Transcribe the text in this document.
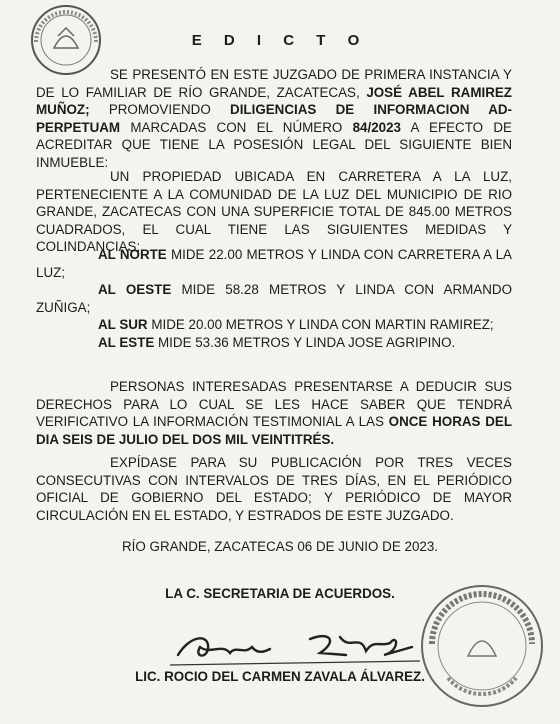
E D I C T O
SE PRESENTÓ EN ESTE JUZGADO DE PRIMERA INSTANCIA Y DE LO FAMILIAR DE RÍO GRANDE, ZACATECAS, JOSÉ ABEL RAMIREZ MUÑOZ; PROMOVIENDO DILIGENCIAS DE INFORMACION AD-PERPETUAM MARCADAS CON EL NÚMERO 84/2023 A EFECTO DE ACREDITAR QUE TIENE LA POSESIÓN LEGAL DEL SIGUIENTE BIEN INMUEBLE:
UN PROPIEDAD UBICADA EN CARRETERA A LA LUZ, PERTENECIENTE A LA COMUNIDAD DE LA LUZ DEL MUNICIPIO DE RIO GRANDE, ZACATECAS CON UNA SUPERFICIE TOTAL DE 845.00 METROS CUADRADOS, EL CUAL TIENE LAS SIGUIENTES MEDIDAS Y COLINDANCIAS;
AL NORTE MIDE 22.00 METROS Y LINDA CON CARRETERA A LA LUZ;
AL OESTE MIDE 58.28 METROS Y LINDA CON ARMANDO ZUÑIGA;
AL SUR MIDE 20.00 METROS Y LINDA CON MARTIN RAMIREZ;
AL ESTE MIDE 53.36 METROS Y LINDA JOSE AGRIPINO.
PERSONAS INTERESADAS PRESENTARSE A DEDUCIR SUS DERECHOS PARA LO CUAL SE LES HACE SABER QUE TENDRÁ VERIFICATIVO LA INFORMACIÓN TESTIMONIAL A LAS ONCE HORAS DEL DIA SEIS DE JULIO DEL DOS MIL VEINTITRÉS.
EXPÍDASE PARA SU PUBLICACIÓN POR TRES VECES CONSECUTIVAS CON INTERVALOS DE TRES DÍAS, EN EL PERIÓDICO OFICIAL DE GOBIERNO DEL ESTADO; Y PERIÓDICO DE MAYOR CIRCULACIÓN EN EL ESTADO, Y ESTRADOS DE ESTE JUZGADO.
RÍO GRANDE, ZACATECAS 06 DE JUNIO DE 2023.
LA C. SECRETARIA DE ACUERDOS.
LIC. ROCIO DEL CARMEN ZAVALA ÁLVAREZ.
